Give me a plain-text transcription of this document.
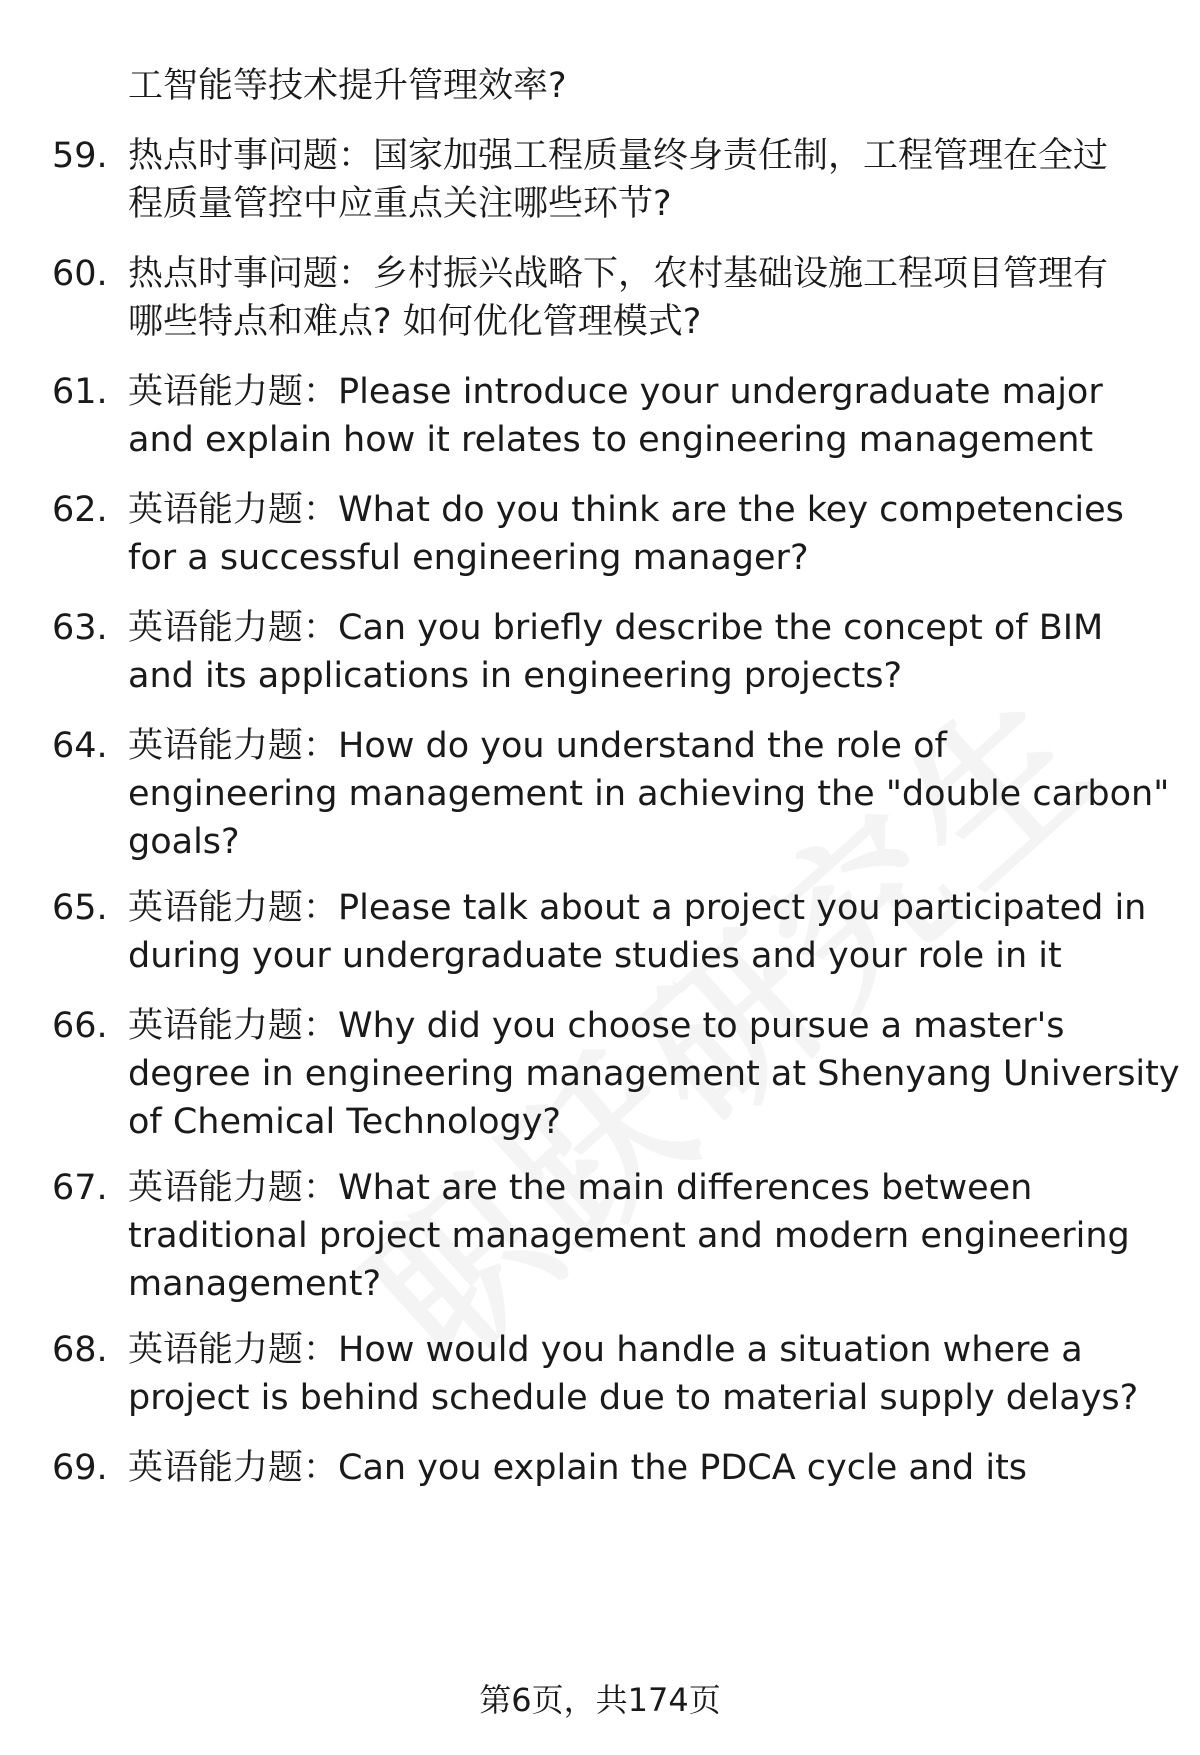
工智能等技术提升管理效率?
59. 热点时事问题：国家加强工程质量终身责任制，工程管理在全过
程质量管控中应重点关注哪些环节?
60. 热点时事问题：乡村振兴战略下，农村基础设施工程项目管理有
哪些特点和难点? 如何优化管理模式?
61. 英语能力题：Please introduce your undergraduate major
and explain how it relates to engineering management
62. 英语能力题：What do you think are the key competencies
for a successful engineering manager?
63. 英语能力题：Can you briefly describe the concept of BIM
and its applications in engineering projects?
64. 英语能力题：How do you understand the role of
engineering management in achieving the "double carbon"
goals?
65. 英语能力题：Please talk about a project you participated in
during your undergraduate studies and your role in it
66. 英语能力题：Why did you choose to pursue a master's
degree in engineering management at Shenyang University
of Chemical Technology?
67. 英语能力题：What are the main differences between
traditional project management and modern engineering
management?
68. 英语能力题：How would you handle a situation where a
project is behind schedule due to material supply delays?
69. 英语能力题：Can you explain the PDCA cycle and its
第6页，共174页
